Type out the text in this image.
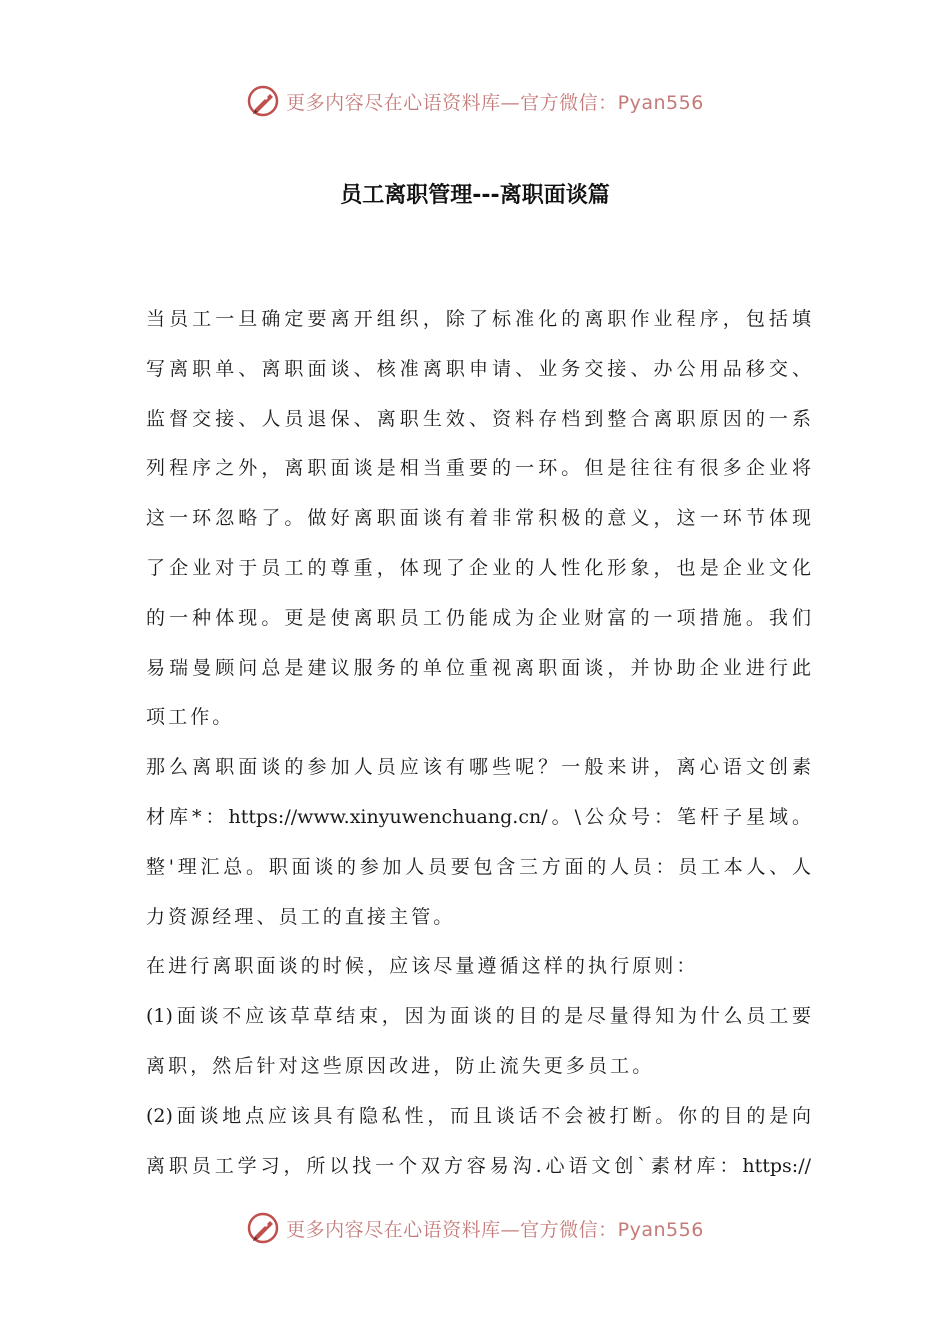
更多内容尽在心语资料库—官方微信：Pyan556
员工离职管理---离职面谈篇
当员工一旦确定要离开组织，除了标准化的离职作业程序，包括填
写离职单、离职面谈、核准离职申请、业务交接、办公用品移交、
监督交接、人员退保、离职生效、资料存档到整合离职原因的一系
列程序之外，离职面谈是相当重要的一环。但是往往有很多企业将
这一环忽略了。做好离职面谈有着非常积极的意义，这一环节体现
了企业对于员工的尊重，体现了企业的人性化形象，也是企业文化
的一种体现。更是使离职员工仍能成为企业财富的一项措施。我们
易瑞曼顾问总是建议服务的单位重视离职面谈，并协助企业进行此
项工作。
那么离职面谈的参加人员应该有哪些呢？一般来讲，离心语文创素
材库*：https://www.xinyuwenchuang.cn/。\公众号：笔杆子星域。
整'理汇总。职面谈的参加人员要包含三方面的人员：员工本人、人
力资源经理、员工的直接主管。
在进行离职面谈的时候，应该尽量遵循这样的执行原则：
(1)面谈不应该草草结束，因为面谈的目的是尽量得知为什么员工要
离职，然后针对这些原因改进，防止流失更多员工。
(2)面谈地点应该具有隐私性，而且谈话不会被打断。你的目的是向
离职员工学习，所以找一个双方容易沟.心语文创`素材库：https://
更多内容尽在心语资料库—官方微信：Pyan556
